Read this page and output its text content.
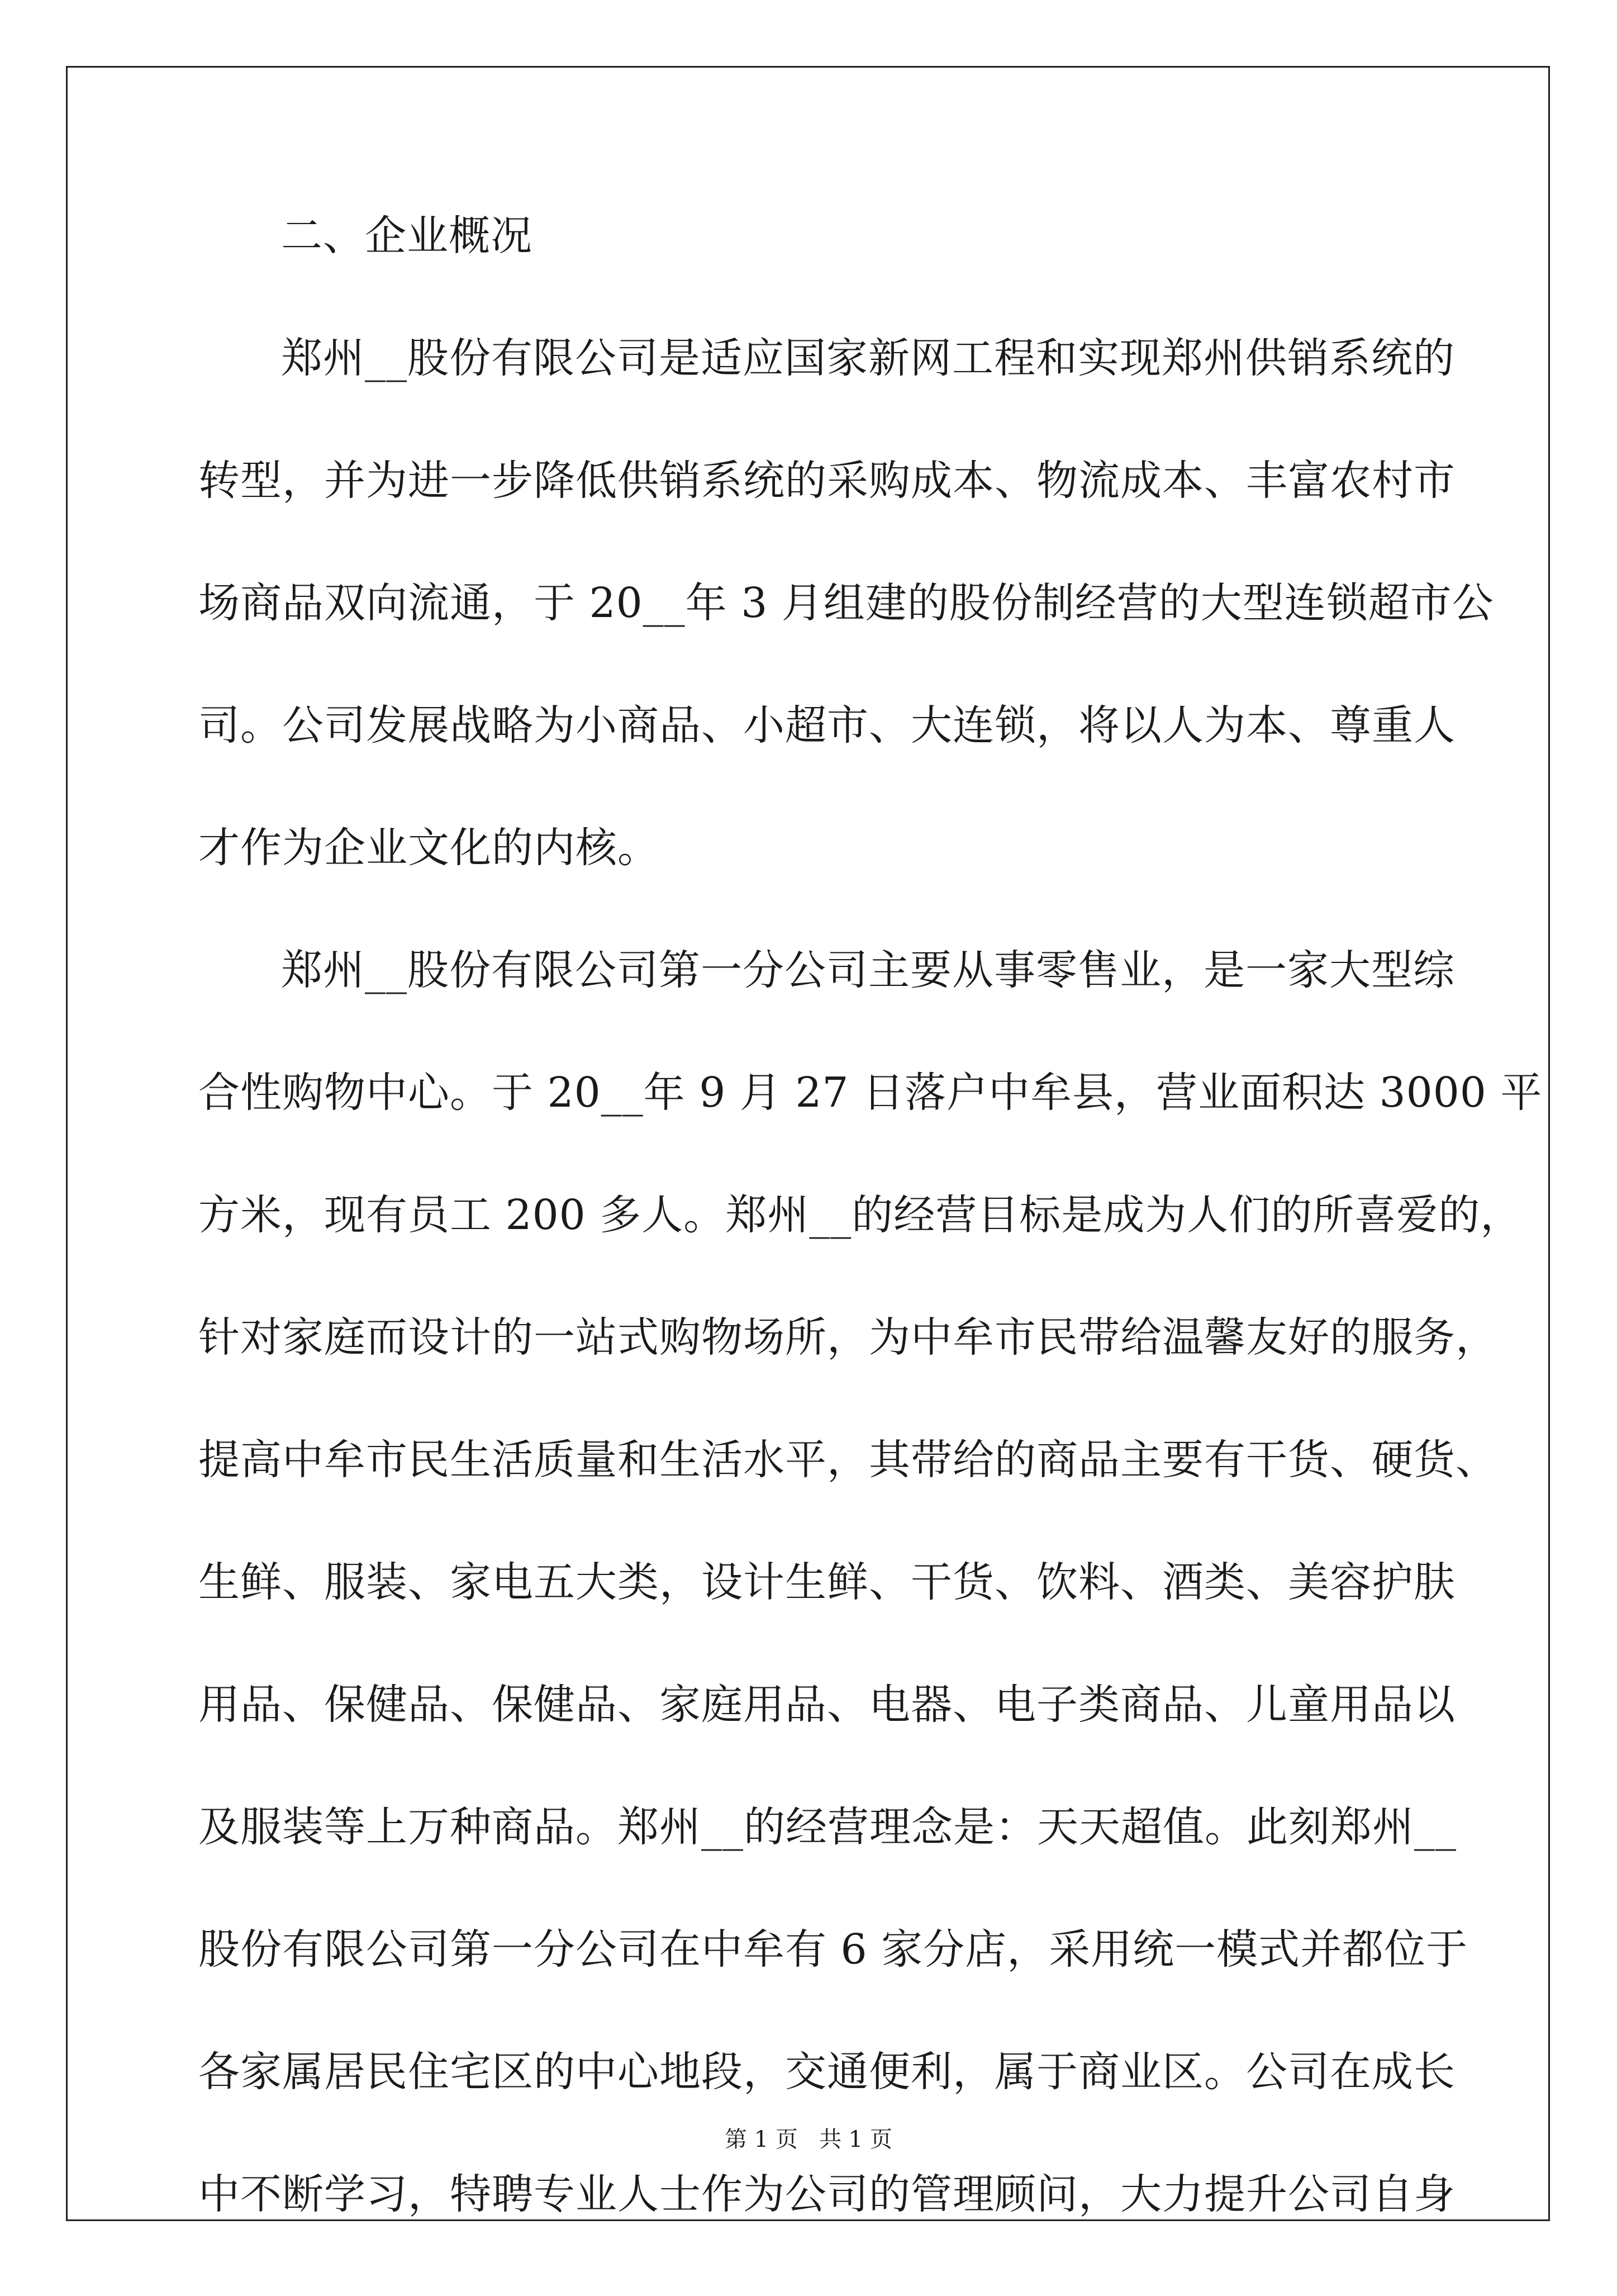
二、企业概况
郑州__股份有限公司是适应国家新网工程和实现郑州供销系统的
转型，并为进一步降低供销系统的采购成本、物流成本、丰富农村市
场商品双向流通，于 20__年 3 月组建的股份制经营的大型连锁超市公
司。公司发展战略为小商品、小超市、大连锁，将以人为本、尊重人
才作为企业文化的内核。
郑州__股份有限公司第一分公司主要从事零售业，是一家大型综
合性购物中心。于 20__年 9 月 27 日落户中牟县，营业面积达 3000 平
方米，现有员工 200 多人。郑州__的经营目标是成为人们的所喜爱的，
针对家庭而设计的一站式购物场所，为中牟市民带给温馨友好的服务，
提高中牟市民生活质量和生活水平，其带给的商品主要有干货、硬货、
生鲜、服装、家电五大类，设计生鲜、干货、饮料、酒类、美容护肤
用品、保健品、保健品、家庭用品、电器、电子类商品、儿童用品以
及服装等上万种商品。郑州__的经营理念是：天天超值。此刻郑州__
股份有限公司第一分公司在中牟有 6 家分店，采用统一模式并都位于
各家属居民住宅区的中心地段，交通便利，属于商业区。公司在成长
中不断学习，特聘专业人士作为公司的管理顾问，大力提升公司自身
第 1 页   共 1 页
